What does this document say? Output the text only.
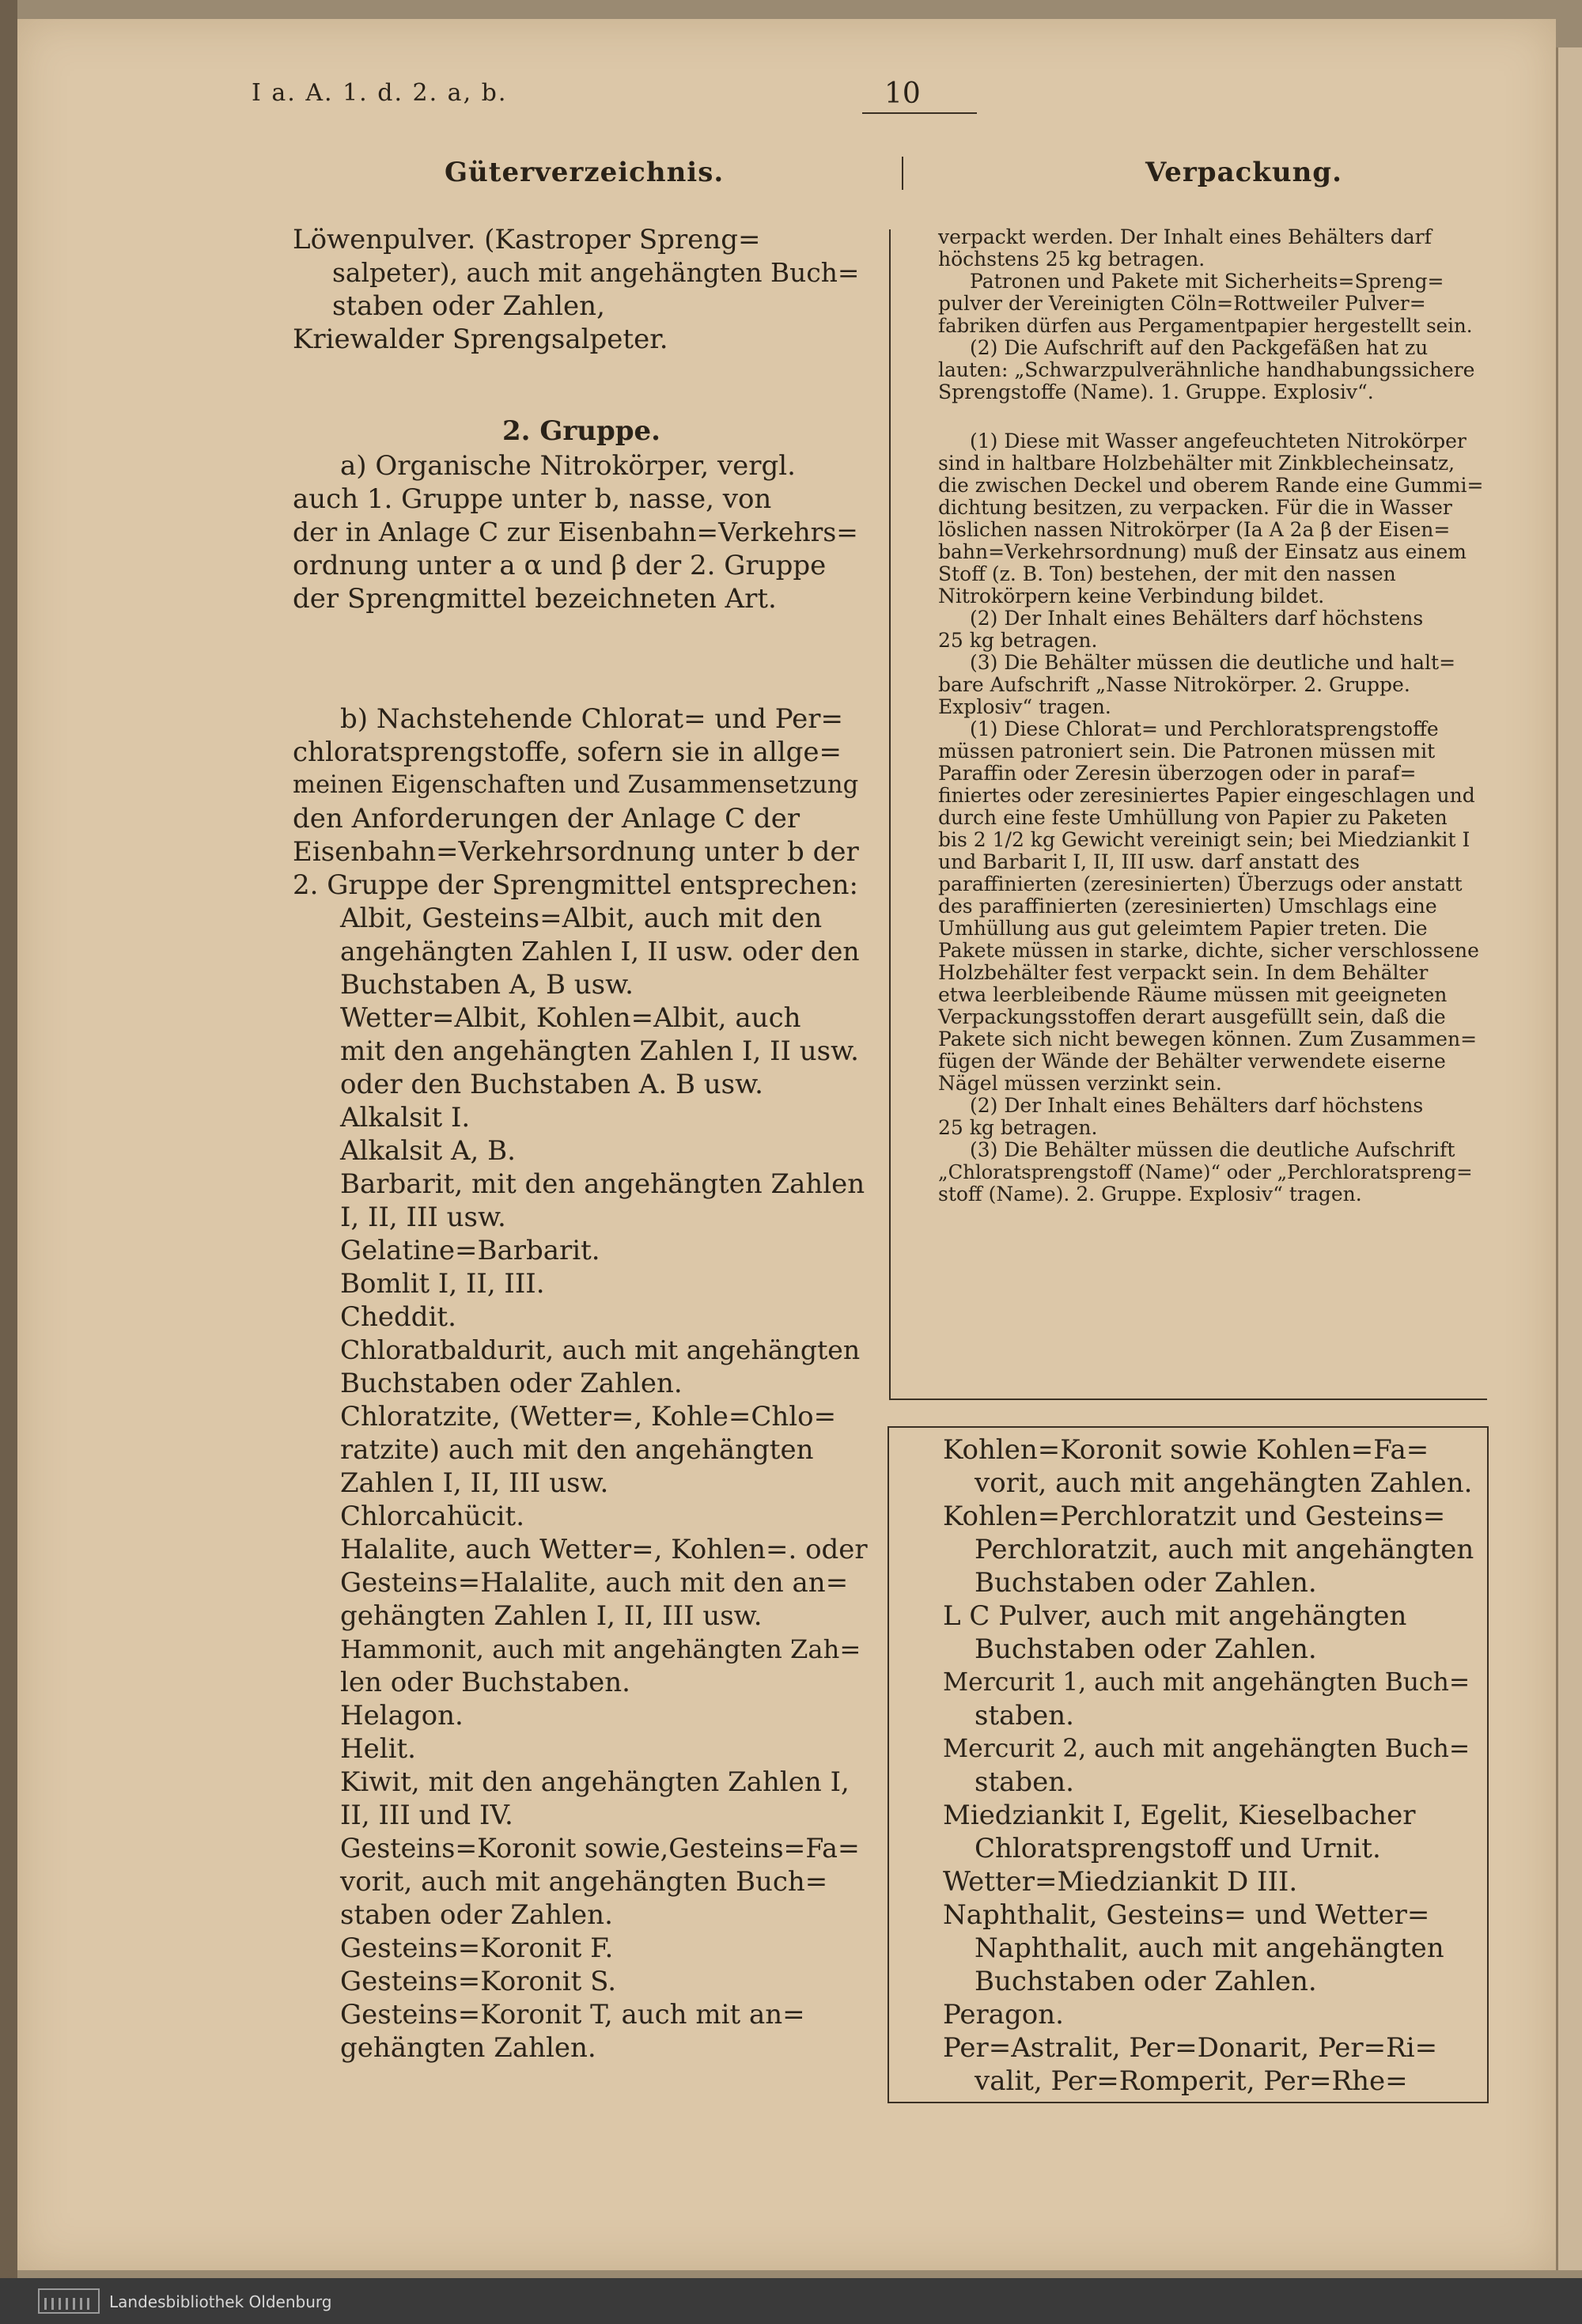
I a. A. 1. d. 2. a, b.	10
Güterverzeichnis.	Verpackung.
Löwenpulver. (Kastroper Spreng=
salpeter), auch mit angehängten Buch=
staben oder Zahlen,
Kriewalder Sprengsalpeter.
2. Gruppe.
a) Organische Nitrokörper, vergl.
auch 1. Gruppe unter b, nasse, von
der in Anlage C zur Eisenbahn=Verkehrs=
ordnung unter a α und β der 2. Gruppe
der Sprengmittel bezeichneten Art.
b) Nachstehende Chlorat= und Per=
chloratsprengstoffe, sofern sie in allge=
meinen Eigenschaften und Zusammensetzung
den Anforderungen der Anlage C der
Eisenbahn=Verkehrsordnung unter b der
2. Gruppe der Sprengmittel entsprechen:
Albit, Gesteins=Albit, auch mit den
angehängten Zahlen I, II usw. oder den
Buchstaben A, B usw.
Wetter=Albit, Kohlen=Albit, auch
mit den angehängten Zahlen I, II usw.
oder den Buchstaben A. B usw.
Alkalsit I.
Alkalsit A, B.
Barbarit, mit den angehängten Zahlen
I, II, III usw.
Gelatine=Barbarit.
Bomlit I, II, III.
Cheddit.
Chloratbaldurit, auch mit angehängten
Buchstaben oder Zahlen.
Chloratzite, (Wetter=, Kohle=Chlo=
ratzite) auch mit den angehängten
Zahlen I, II, III usw.
Chlorcahücit.
Halalite, auch Wetter=, Kohlen=. oder
Gesteins=Halalite, auch mit den an=
gehängten Zahlen I, II, III usw.
Hammonit, auch mit angehängten Zah=
len oder Buchstaben.
Helagon.
Helit.
Kiwit, mit den angehängten Zahlen I,
II, III und IV.
Gesteins=Koronit sowie,Gesteins=Fa=
vorit, auch mit angehängten Buch=
staben oder Zahlen.
Gesteins=Koronit F.
Gesteins=Koronit S.
Gesteins=Koronit T, auch mit an=
gehängten Zahlen.
verpackt werden. Der Inhalt eines Behälters darf
höchstens 25 kg betragen.
Patronen und Pakete mit Sicherheits=Spreng=
pulver der Vereinigten Cöln=Rottweiler Pulver=
fabriken dürfen aus Pergamentpapier hergestellt sein.
(2) Die Aufschrift auf den Packgefäßen hat zu
lauten: „Schwarzpulverähnliche handhabungssichere
Sprengstoffe (Name). 1. Gruppe. Explosiv“.
(1) Diese mit Wasser angefeuchteten Nitrokörper
sind in haltbare Holzbehälter mit Zinkblecheinsatz,
die zwischen Deckel und oberem Rande eine Gummi=
dichtung besitzen, zu verpacken. Für die in Wasser
löslichen nassen Nitrokörper (Ia A 2a β der Eisen=
bahn=Verkehrsordnung) muß der Einsatz aus einem
Stoff (z. B. Ton) bestehen, der mit den nassen
Nitrokörpern keine Verbindung bildet.
(2) Der Inhalt eines Behälters darf höchstens
25 kg betragen.
(3) Die Behälter müssen die deutliche und halt=
bare Aufschrift „Nasse Nitrokörper. 2. Gruppe.
Explosiv“ tragen.
(1) Diese Chlorat= und Perchloratsprengstoffe
müssen patroniert sein. Die Patronen müssen mit
Paraffin oder Zeresin überzogen oder in paraf=
finiertes oder zeresiniertes Papier eingeschlagen und
durch eine feste Umhüllung von Papier zu Paketen
bis 2 1/2 kg Gewicht vereinigt sein; bei Miedziankit I
und Barbarit I, II, III usw. darf anstatt des
paraffinierten (zeresinierten) Überzugs oder anstatt
des paraffinierten (zeresinierten) Umschlags eine
Umhüllung aus gut geleimtem Papier treten. Die
Pakete müssen in starke, dichte, sicher verschlossene
Holzbehälter fest verpackt sein. In dem Behälter
etwa leerbleibende Räume müssen mit geeigneten
Verpackungsstoffen derart ausgefüllt sein, daß die
Pakete sich nicht bewegen können. Zum Zusammen=
fügen der Wände der Behälter verwendete eiserne
Nägel müssen verzinkt sein.
(2) Der Inhalt eines Behälters darf höchstens
25 kg betragen.
(3) Die Behälter müssen die deutliche Aufschrift
„Chloratsprengstoff (Name)“ oder „Perchloratspreng=
stoff (Name). 2. Gruppe. Explosiv“ tragen.
Kohlen=Koronit sowie Kohlen=Fa=
vorit, auch mit angehängten Zahlen.
Kohlen=Perchloratzit und Gesteins=
Perchloratzit, auch mit angehängten
Buchstaben oder Zahlen.
L C Pulver, auch mit angehängten
Buchstaben oder Zahlen.
Mercurit 1, auch mit angehängten Buch=
staben.
Mercurit 2, auch mit angehängten Buch=
staben.
Miedziankit I, Egelit, Kieselbacher
Chloratsprengstoff und Urnit.
Wetter=Miedziankit D III.
Naphthalit, Gesteins= und Wetter=
Naphthalit, auch mit angehängten
Buchstaben oder Zahlen.
Peragon.
Per=Astralit, Per=Donarit, Per=Ri=
valit, Per=Romperit, Per=Rhe=
Landesbibliothek Oldenburg
